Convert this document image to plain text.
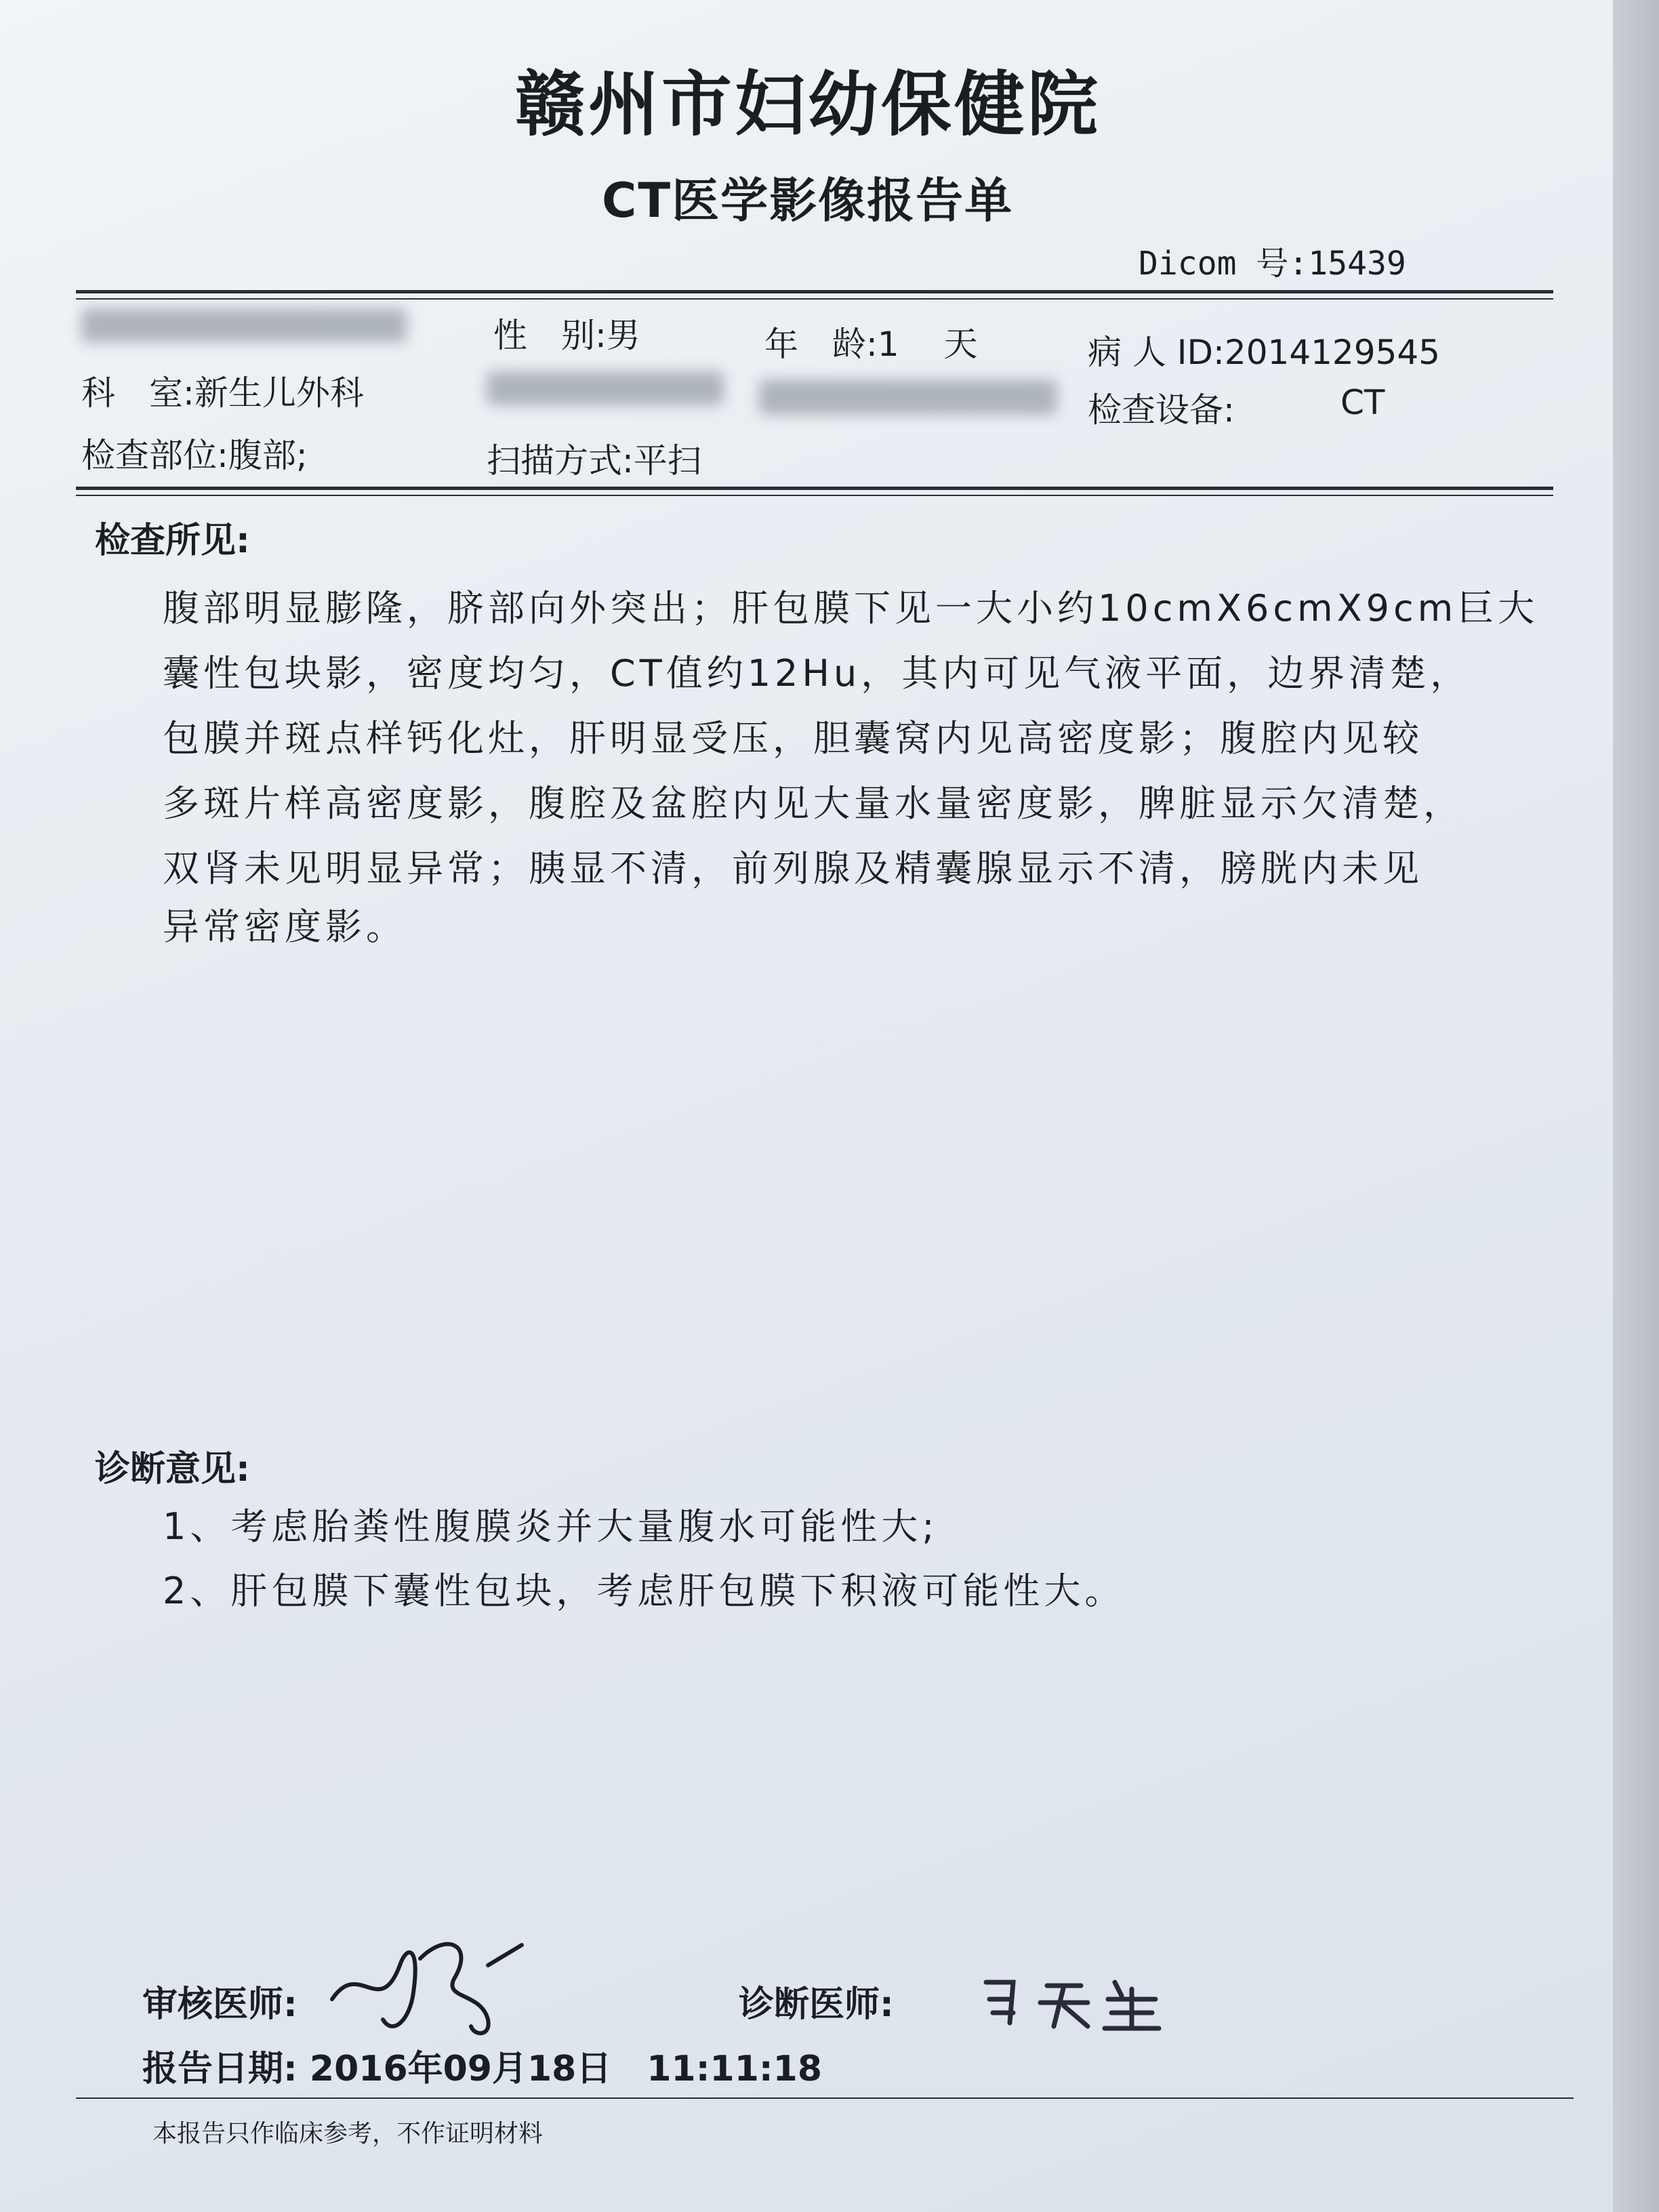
赣州市妇幼保健院
CT医学影像报告单
Dicom 号:15439
性　别:男	年　龄:1　 天	病 人 ID:2014129545
科　室:新生儿外科	检查设备:	CT
检查部位:腹部;	扫描方式:平扫
检查所见:
腹部明显膨隆，脐部向外突出；肝包膜下见一大小约10cmX6cmX9cm巨大
囊性包块影，密度均匀，CT值约12Hu，其内可见气液平面，边界清楚，
包膜并斑点样钙化灶，肝明显受压，胆囊窝内见高密度影；腹腔内见较
多斑片样高密度影，腹腔及盆腔内见大量水量密度影，脾脏显示欠清楚，
双肾未见明显异常；胰显不清，前列腺及精囊腺显示不清，膀胱内未见
异常密度影。
诊断意见:
1、考虑胎粪性腹膜炎并大量腹水可能性大;
2、肝包膜下囊性包块，考虑肝包膜下积液可能性大。
审核医师:	诊断医师:
报告日期: 2016年09月18日　11:11:18
本报告只作临床参考，不作证明材料
